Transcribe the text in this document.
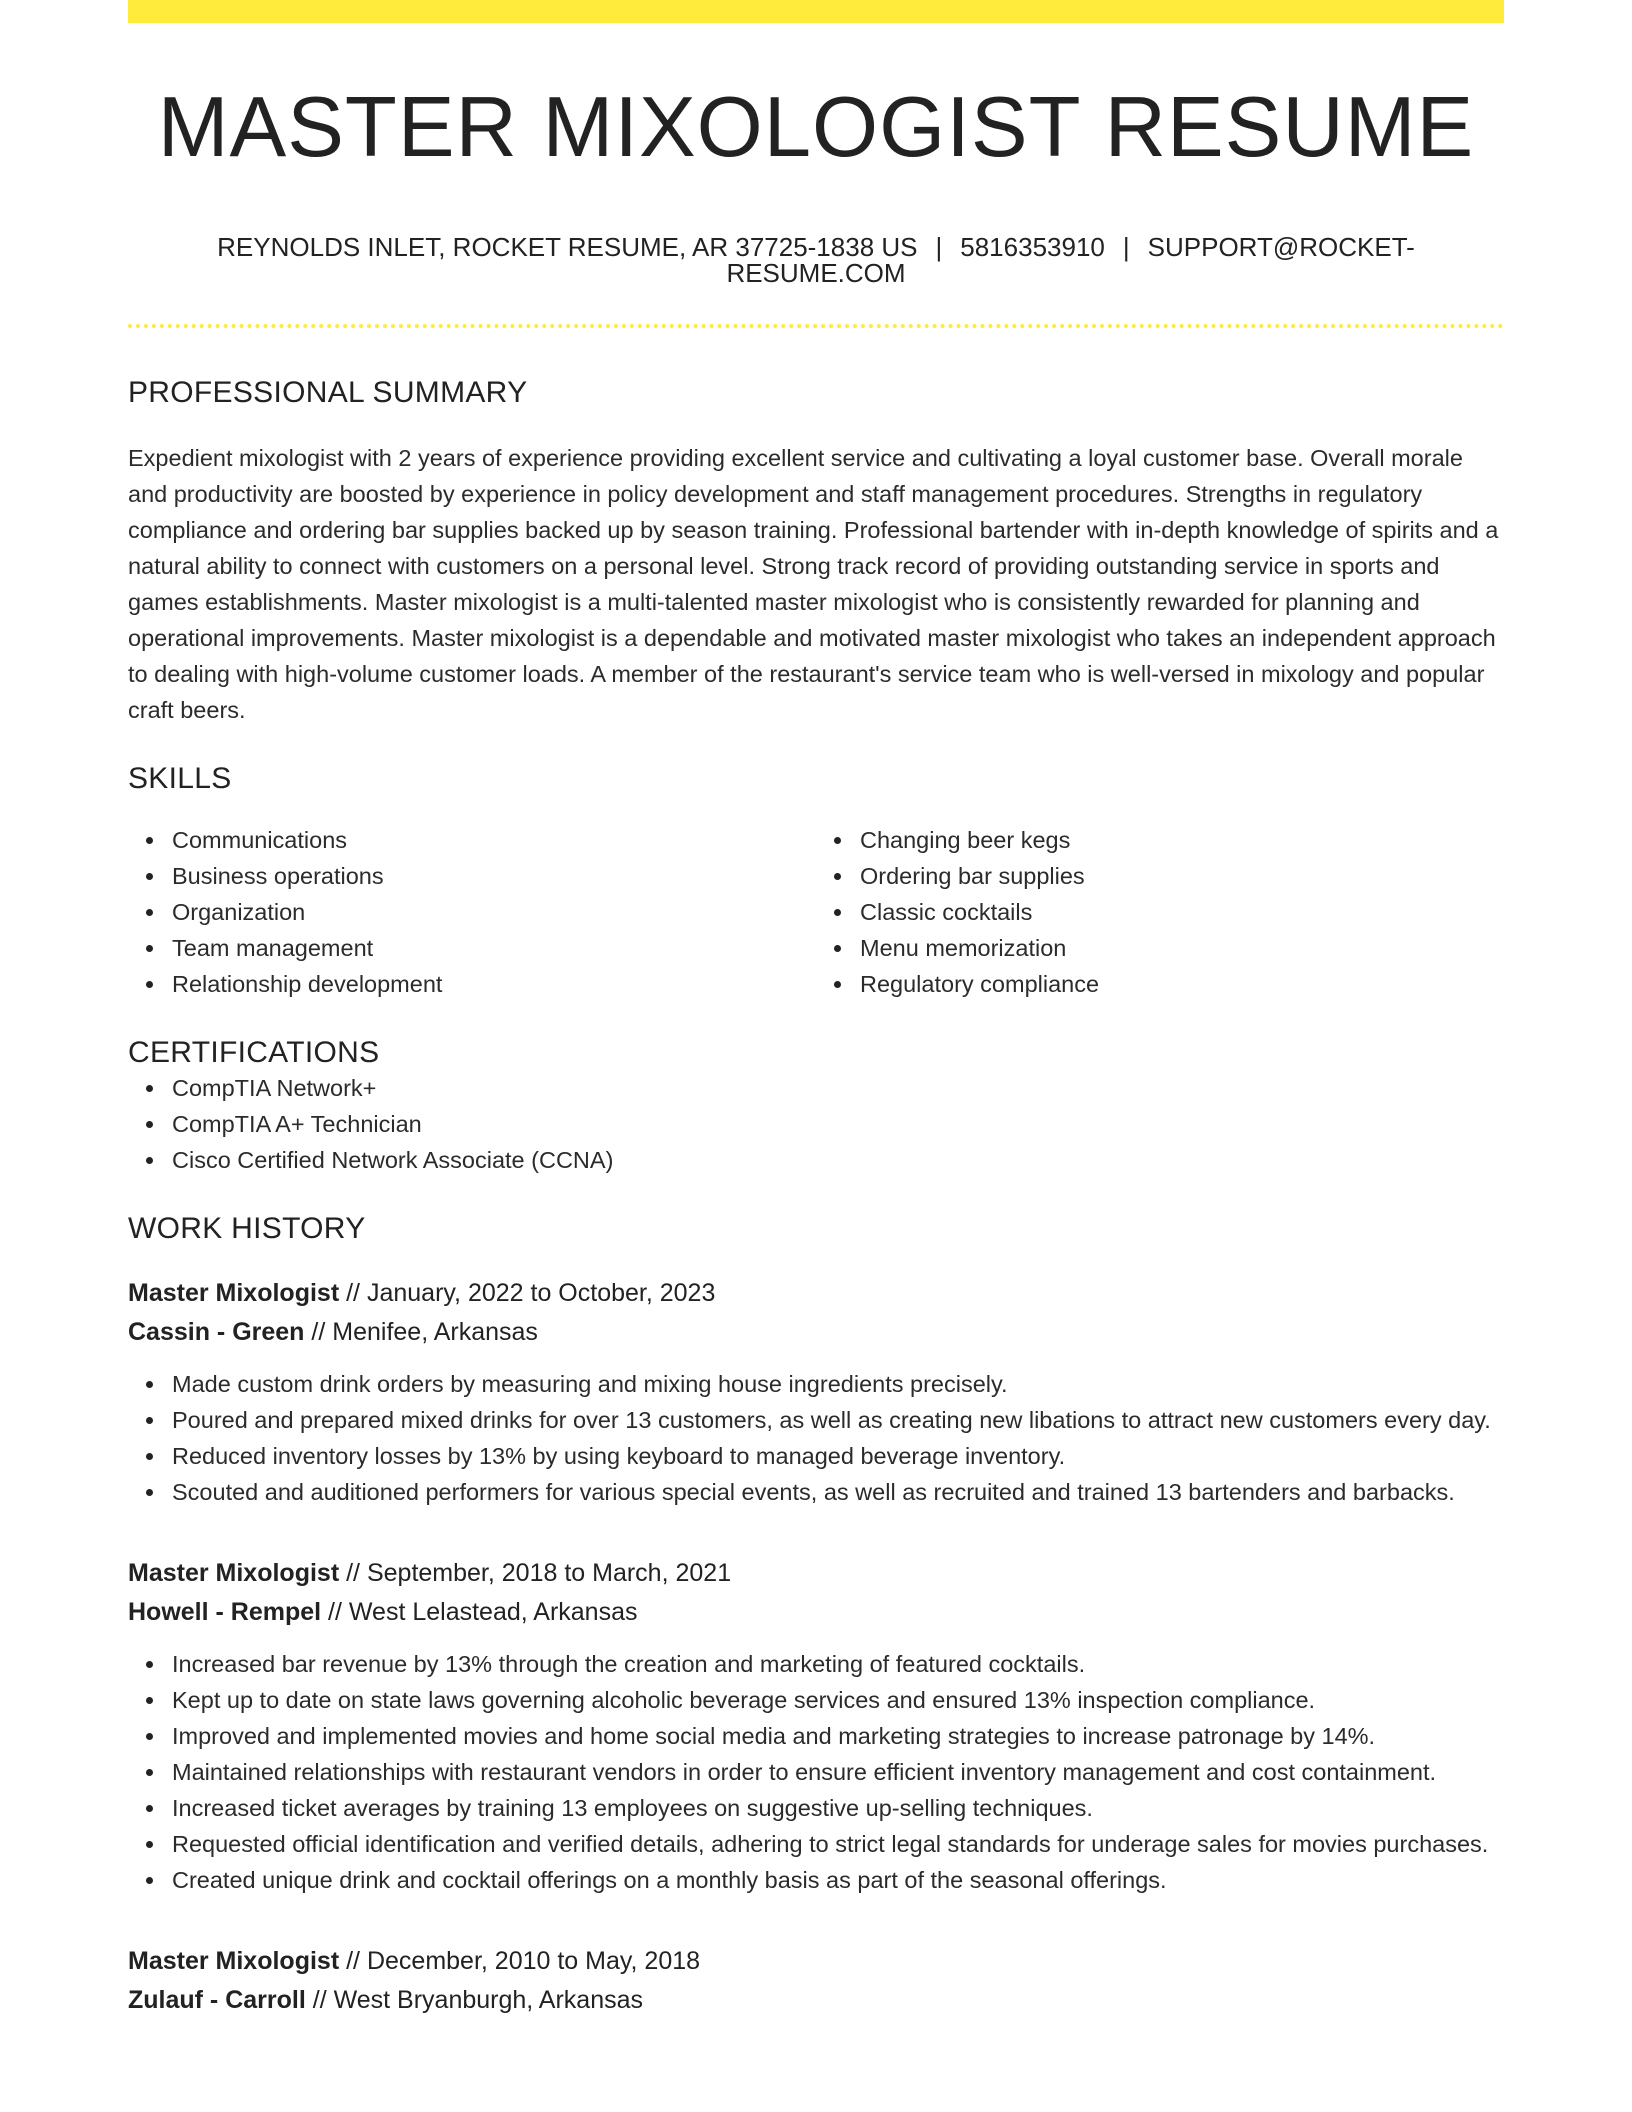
MASTER MIXOLOGIST RESUME
REYNOLDS INLET, ROCKET RESUME, AR 37725-1838 US | 5816353910 | SUPPORT@ROCKET-RESUME.COM
PROFESSIONAL SUMMARY

Expedient mixologist with 2 years of experience providing excellent service and cultivating a loyal customer base. Overall morale and productivity are boosted by experience in policy development and staff management procedures. Strengths in regulatory compliance and ordering bar supplies backed up by season training. Professional bartender with in-depth knowledge of spirits and a natural ability to connect with customers on a personal level. Strong track record of providing outstanding service in sports and games establishments. Master mixologist is a multi-talented master mixologist who is consistently rewarded for planning and operational improvements. Master mixologist is a dependable and motivated master mixologist who takes an independent approach to dealing with high-volume customer loads. A member of the restaurant's service team who is well-versed in mixology and popular craft beers.

SKILLS
Communications
Business operations
Organization
Team management
Relationship development
Changing beer kegs
Ordering bar supplies
Classic cocktails
Menu memorization
Regulatory compliance
CERTIFICATIONS
CompTIA Network+
CompTIA A+ Technician
Cisco Certified Network Associate (CCNA)
WORK HISTORY
Master Mixologist // January, 2022 to October, 2023
Cassin - Green // Menifee, Arkansas
Made custom drink orders by measuring and mixing house ingredients precisely.
Poured and prepared mixed drinks for over 13 customers, as well as creating new libations to attract new customers every day.
Reduced inventory losses by 13% by using keyboard to managed beverage inventory.
Scouted and auditioned performers for various special events, as well as recruited and trained 13 bartenders and barbacks.
Master Mixologist // September, 2018 to March, 2021
Howell - Rempel // West Lelastead, Arkansas
Increased bar revenue by 13% through the creation and marketing of featured cocktails.
Kept up to date on state laws governing alcoholic beverage services and ensured 13% inspection compliance.
Improved and implemented movies and home social media and marketing strategies to increase patronage by 14%.
Maintained relationships with restaurant vendors in order to ensure efficient inventory management and cost containment.
Increased ticket averages by training 13 employees on suggestive up-selling techniques.
Requested official identification and verified details, adhering to strict legal standards for underage sales for movies purchases.
Created unique drink and cocktail offerings on a monthly basis as part of the seasonal offerings.
Master Mixologist // December, 2010 to May, 2018
Zulauf - Carroll // West Bryanburgh, Arkansas
